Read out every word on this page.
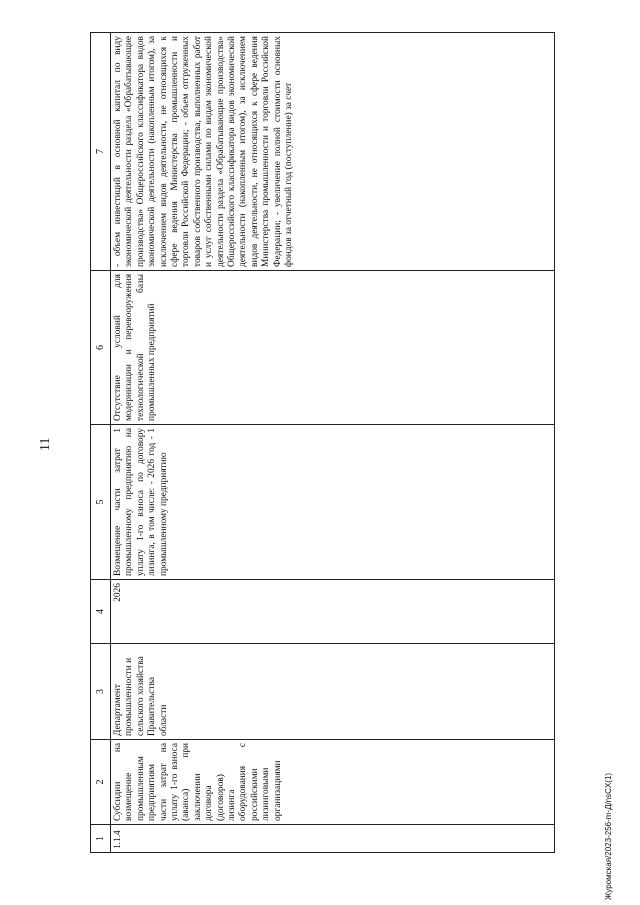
11
1	2	3	4	5	6	7
1.1.4	Субсидии на возмещение промышленным предприятиям части затрат на уплату 1-го взноса (аванса) при заключении договора (договоров) лизинга оборудования с российскими лизинговыми организациями	Департамент промышленности и сельского хозяйства Правительства области	2026	Возмещение части затрат 1 промышленному предприятию на уплату 1-го взноса по договору лизинга, в том числе: - 2026 год - 1 промышленному предприятию	Отсутствие условий для модернизации и перевооружения технологической базы промышленных предприятий	- объем инвестиций в основной капитал по виду экономической деятельности раздела «Обрабатывающие производства» Общероссийского классификатора видов экономической деятельности (накопленным итогом), за исключением видов деятельности, не относящихся к сфере ведения Министерства промышленности и торговли Российской Федерации; - объем отгруженных товаров собственного производства, выполненных работ и услуг собственными силами по видам экономической деятельности раздела «Обрабатывающие производства» Общероссийского классификатора видов экономической деятельности (накопленным итогом), за исключением видов деятельности, не относящихся к сфере ведения Министерства промышленности и торговли Российской Федерации; - увеличение полной стоимости основных фондов за отчетный год (поступление) за счет
Журомская/2023-256-m-Д/nsCX(1)
